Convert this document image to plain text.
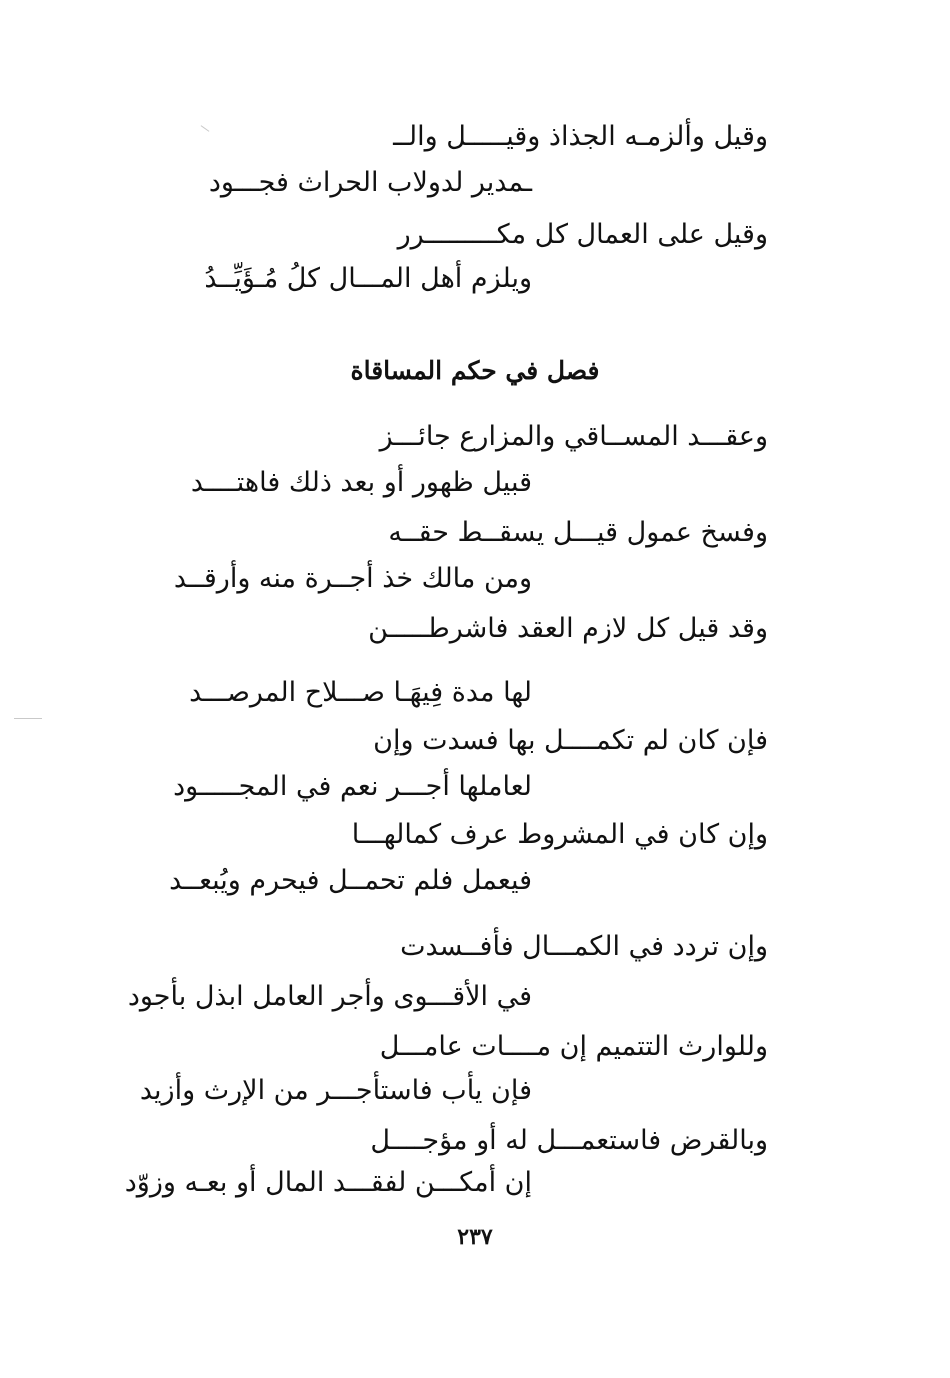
وقيل وألزمـه الجذاذ وقيـــــل والــ
ـمدير لدولاب الحراث فجـــود
وقيل على العمال كل مكـــــــــرر
ويلزم أهل المـــال كلُ مُـؤَيِّــدُ
فصل في حكم المساقاة
وعقـــد المســاقي والمزارع جائـــز
قبيل ظهور أو بعد ذلك فاهتــــد
وفسخ عمول قيـــل يسقــط حقــه
ومن مالك خذ أجــرة منه وأرقــد
وقد قيل كل لازم العقد فاشرطـــــن
لها مدة فِيهَـا صـــلاح المرصـــد
فإن كان لم تكمــــل بها فسدت وإن
لعاملها أجـــر نعم في المجـــــود
وإن كان في المشروط عرف كمالهـــا
فيعمل فلم تحمــل فيحرم ويُبعــد
وإن تردد في الكمـــال فأفــسدت
في الأقـــوى وأجر العامل ابذل بأجود
وللوارث التتميم إن مــــات عامـــل
فإن يأب فاستأجـــر من الإرث وأزيد
وبالقرض فاستعمـــل له أو مؤجــــل
إن أمكـــن لفقـــد المال أو بعـه وزوّد
٢٣٧
